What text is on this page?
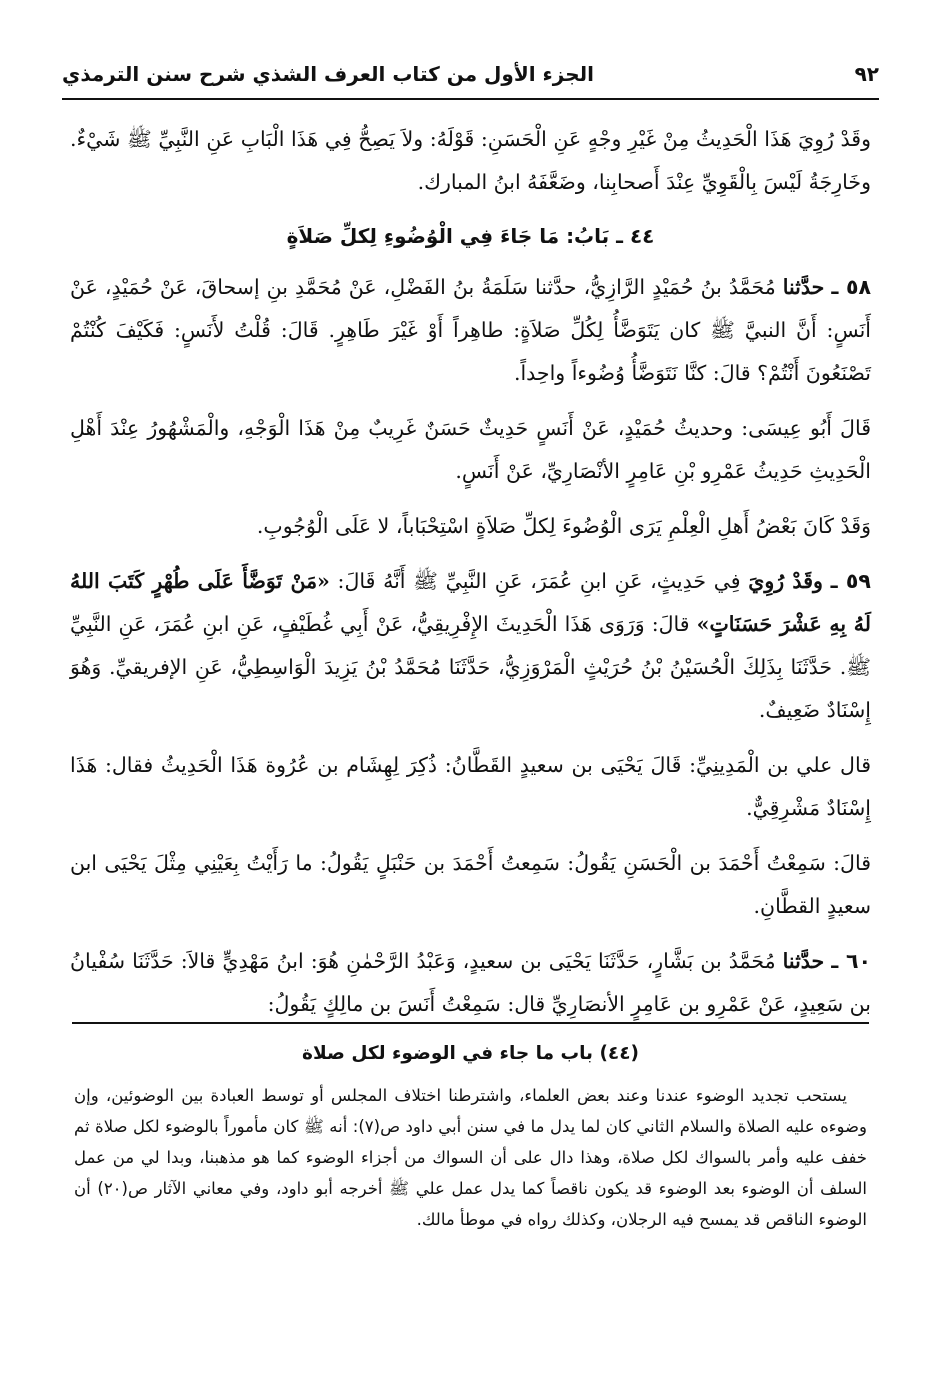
٩٢
الجزء الأول من كتاب العرف الشذي شرح سنن الترمذي

وقَدْ رُوِيَ هَذَا الْحَدِيثُ مِنْ غَيْرِ وجْهٍ عَنِ الْحَسَنِ: قَوْلَهُ: ولاَ يَصِحُّ فِي هَذَا الْبَابِ عَنِ النَّبِيِّ ﷺ شَيْءٌ. وخَارِجَةُ لَيْسَ بِالْقَوِيِّ عِنْدَ أَصحابِنا، وضَعَّفَهُ ابنُ المبارك.

٤٤ ـ بَابُ: مَا جَاءَ فِي الْوُضُوءِ لِكلِّ صَلاَةٍ

٥٨ ـ حدَّثنا مُحَمَّدُ بنُ حُمَيْدٍ الرَّازِيُّ، حدَّثنا سَلَمَةُ بنُ الفَضْلِ، عَنْ مُحَمَّدِ بنِ إسحاقَ، عَنْ حُمَيْدٍ، عَنْ أَنَسٍ: أَنَّ النبيَّ ﷺ كان يَتَوَضَّأُ لِكُلِّ صَلاَةٍ: طاهِراً أَوْ غَيْرَ طَاهِرٍ. قَالَ: قُلْتُ لأَنَسٍ: فَكَيْفَ كُنْتُمْ تَصْنَعُونَ أَنْتُمْ؟ قالَ: كنَّا نَتَوَضَّأُ وُضُوءاً واحِداً.

قَالَ أَبُو عِيسَى: وحديثُ حُمَيْدٍ، عَنْ أَنَسٍ حَدِيثٌ حَسَنٌ غَرِيبٌ مِنْ هَذَا الْوَجْهِ، والْمَشْهُورُ عِنْدَ أَهْلِ الْحَدِيثِ حَدِيثُ عَمْرِو بْنِ عَامِرٍ الأنْصَارِيِّ، عَنْ أَنَسٍ.

وَقَدْ كَانَ بَعْضُ أَهلِ الْعِلْمِ يَرَى الْوُضُوءَ لِكلِّ صَلاَةٍ اسْتِحْبَاباً، لا عَلَى الْوُجُوبِ.

٥٩ ـ وقَدْ رُوِيَ فِي حَدِيثٍ، عَنِ ابنِ عُمَرَ، عَنِ النَّبِيِّ ﷺ أَنَّهُ قَالَ: «مَنْ تَوَضَّأَ عَلَى طُهْرٍ كَتَبَ اللهُ لَهُ بِهِ عَشْرَ حَسَنَاتٍ» قالَ: وَرَوَى هَذَا الْحَدِيثَ الإِفْرِيقِيُّ، عَنْ أَبِي غُطَيْفٍ، عَنِ ابنِ عُمَرَ، عَنِ النَّبِيِّ ﷺ. حَدَّثَنَا بِذَلِكَ الْحُسَيْنُ بْنُ حُرَيْثٍ الْمَرْوَزِيُّ، حَدَّثَنَا مُحَمَّدُ بْنُ يَزِيدَ الْوَاسِطِيُّ، عَنِ الإفريقيِّ. وَهُوَ إِسْنَادٌ ضَعِيفٌ.

قال علي بن الْمَدِينِيِّ: قَالَ يَحْيَى بن سعيدٍ القَطَّانُ: ذُكِرَ لِهِشَام بن عُرُوة هَذَا الْحَدِيثُ فقال: هَذَا إِسْنَادٌ مَشْرِقِيٌّ.

قالَ: سَمِعْتُ أَحْمَدَ بن الْحَسَنِ يَقُولُ: سَمِعتُ أَحْمَدَ بن حَنْبَلٍ يَقُولُ: ما رَأَيْتُ بِعَيْنِي مِثْلَ يَحْيَى ابن سعيدٍ القطَّانِ.

٦٠ ـ حدَّثنا مُحَمَّدُ بن بَشَّارٍ، حَدَّثَنَا يَحْيَى بن سعيدٍ، وَعَبْدُ الرَّحْمٰنِ هُوَ: ابنُ مَهْدِيٍّ قالاَ: حَدَّثَنَا سُفْيانُ بن سَعِيدٍ، عَنْ عَمْرِو بن عَامِرٍ الأنصَارِيِّ قال: سَمِعْتُ أَنَسَ بن مالِكٍ يَقُولُ:

(٤٤) باب ما جاء في الوضوء لكل صلاة

يستحب تجديد الوضوء عندنا وعند بعض العلماء، واشترطنا اختلاف المجلس أو توسط العبادة بين الوضوئين، وإن وضوءه عليه الصلاة والسلام الثاني كان لما يدل ما في سنن أبي داود ص(٧): أنه ﷺ كان مأموراً بالوضوء لكل صلاة ثم خفف عليه وأمر بالسواك لكل صلاة، وهذا دال على أن السواك من أجزاء الوضوء كما هو مذهبنا، وبدا لي من عمل السلف أن الوضوء بعد الوضوء قد يكون ناقصاً كما يدل عمل علي ﷺ أخرجه أبو داود، وفي معاني الآثار ص(٢٠) أن الوضوء الناقص قد يمسح فيه الرجلان، وكذلك رواه في موطأ مالك.
